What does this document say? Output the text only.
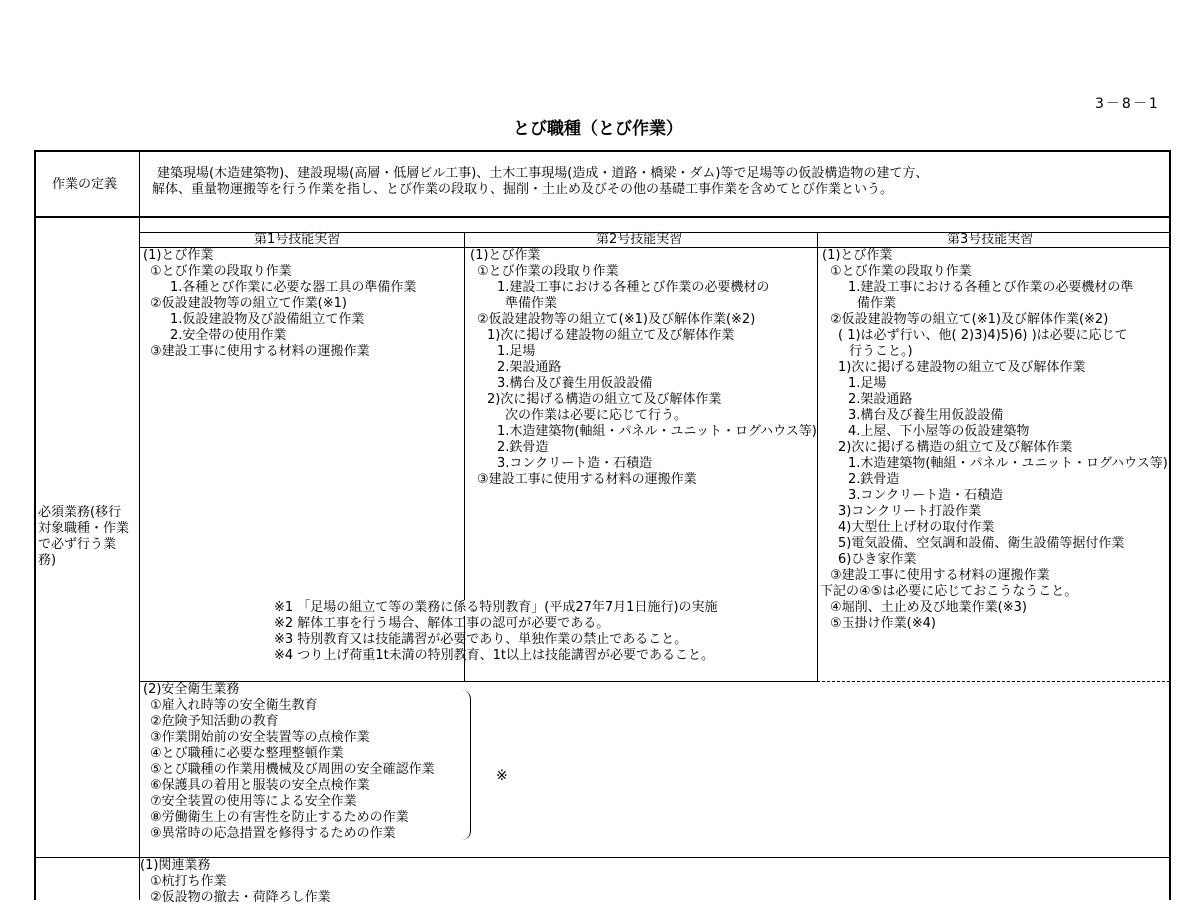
3－8－1
とび職種（とび作業）
作業の定義
建築現場(木造建築物)、建設現場(高層・低層ビル工事)、土木工事現場(造成・道路・橋梁・ダム)等で足場等の仮設構造物の建て方、
解体、重量物運搬等を行う作業を指し、とび作業の段取り、掘削・土止め及びその他の基礎工事作業を含めてとび作業という。
必須業務(移行
対象職種・作業
で必ず行う業
務)
第1号技能実習	第2号技能実習	第3号技能実習
(1)とび作業
①とび作業の段取り作業
1.各種とび作業に必要な器工具の準備作業
②仮設建設物等の組立て作業(※1)
1.仮設建設物及び設備組立て作業
2.安全帯の使用作業
③建設工事に使用する材料の運搬作業
(1)とび作業
①とび作業の段取り作業
1.建設工事における各種とび作業の必要機材の
準備作業
②仮設建設物等の組立て(※1)及び解体作業(※2)
1)次に掲げる建設物の組立て及び解体作業
1.足場
2.架設通路
3.構台及び養生用仮設設備
2)次に掲げる構造の組立て及び解体作業
次の作業は必要に応じて行う。
1.木造建築物(軸組・パネル・ユニット・ログハウス等)
2.鉄骨造
3.コンクリート造・石積造
③建設工事に使用する材料の運搬作業
(1)とび作業
①とび作業の段取り作業
1.建設工事における各種とび作業の必要機材の準
備作業
②仮設建設物等の組立て(※1)及び解体作業(※2)
( 1)は必ず行い、他( 2)3)4)5)6) )は必要に応じて
行うこと。)
1)次に掲げる建設物の組立て及び解体作業
1.足場
2.架設通路
3.構台及び養生用仮設設備
4.上屋、下小屋等の仮設建築物
2)次に掲げる構造の組立て及び解体作業
1.木造建築物(軸組・パネル・ユニット・ログハウス等)
2.鉄骨造
3.コンクリート造・石積造
3)コンクリート打設作業
4)大型仕上げ材の取付作業
5)電気設備、空気調和設備、衛生設備等据付作業
6)ひき家作業
③建設工事に使用する材料の運搬作業
下記の④⑤は必要に応じておこうなうこと。
④堀削、土止め及び地業作業(※3)
⑤玉掛け作業(※4)
※1 「足場の組立て等の業務に係る特別教育」(平成27年7月1日施行)の実施
※2 解体工事を行う場合、解体工事の認可が必要である。
※3 特別教育又は技能講習が必要であり、単独作業の禁止であること。
※4 つり上げ荷重1t未満の特別教育、1t以上は技能講習が必要であること。
(2)安全衛生業務
①雇入れ時等の安全衛生教育
②危険予知活動の教育
③作業開始前の安全装置等の点検作業
④とび職種に必要な整理整頓作業
⑤とび職種の作業用機械及び周囲の安全確認作業
⑥保護具の着用と服装の安全点検作業
⑦安全装置の使用等による安全作業
⑧労働衛生上の有害性を防止するための作業
⑨異常時の応急措置を修得するための作業
※
(1)関連業務
①杭打ち作業
②仮設物の撤去・荷降ろし作業
